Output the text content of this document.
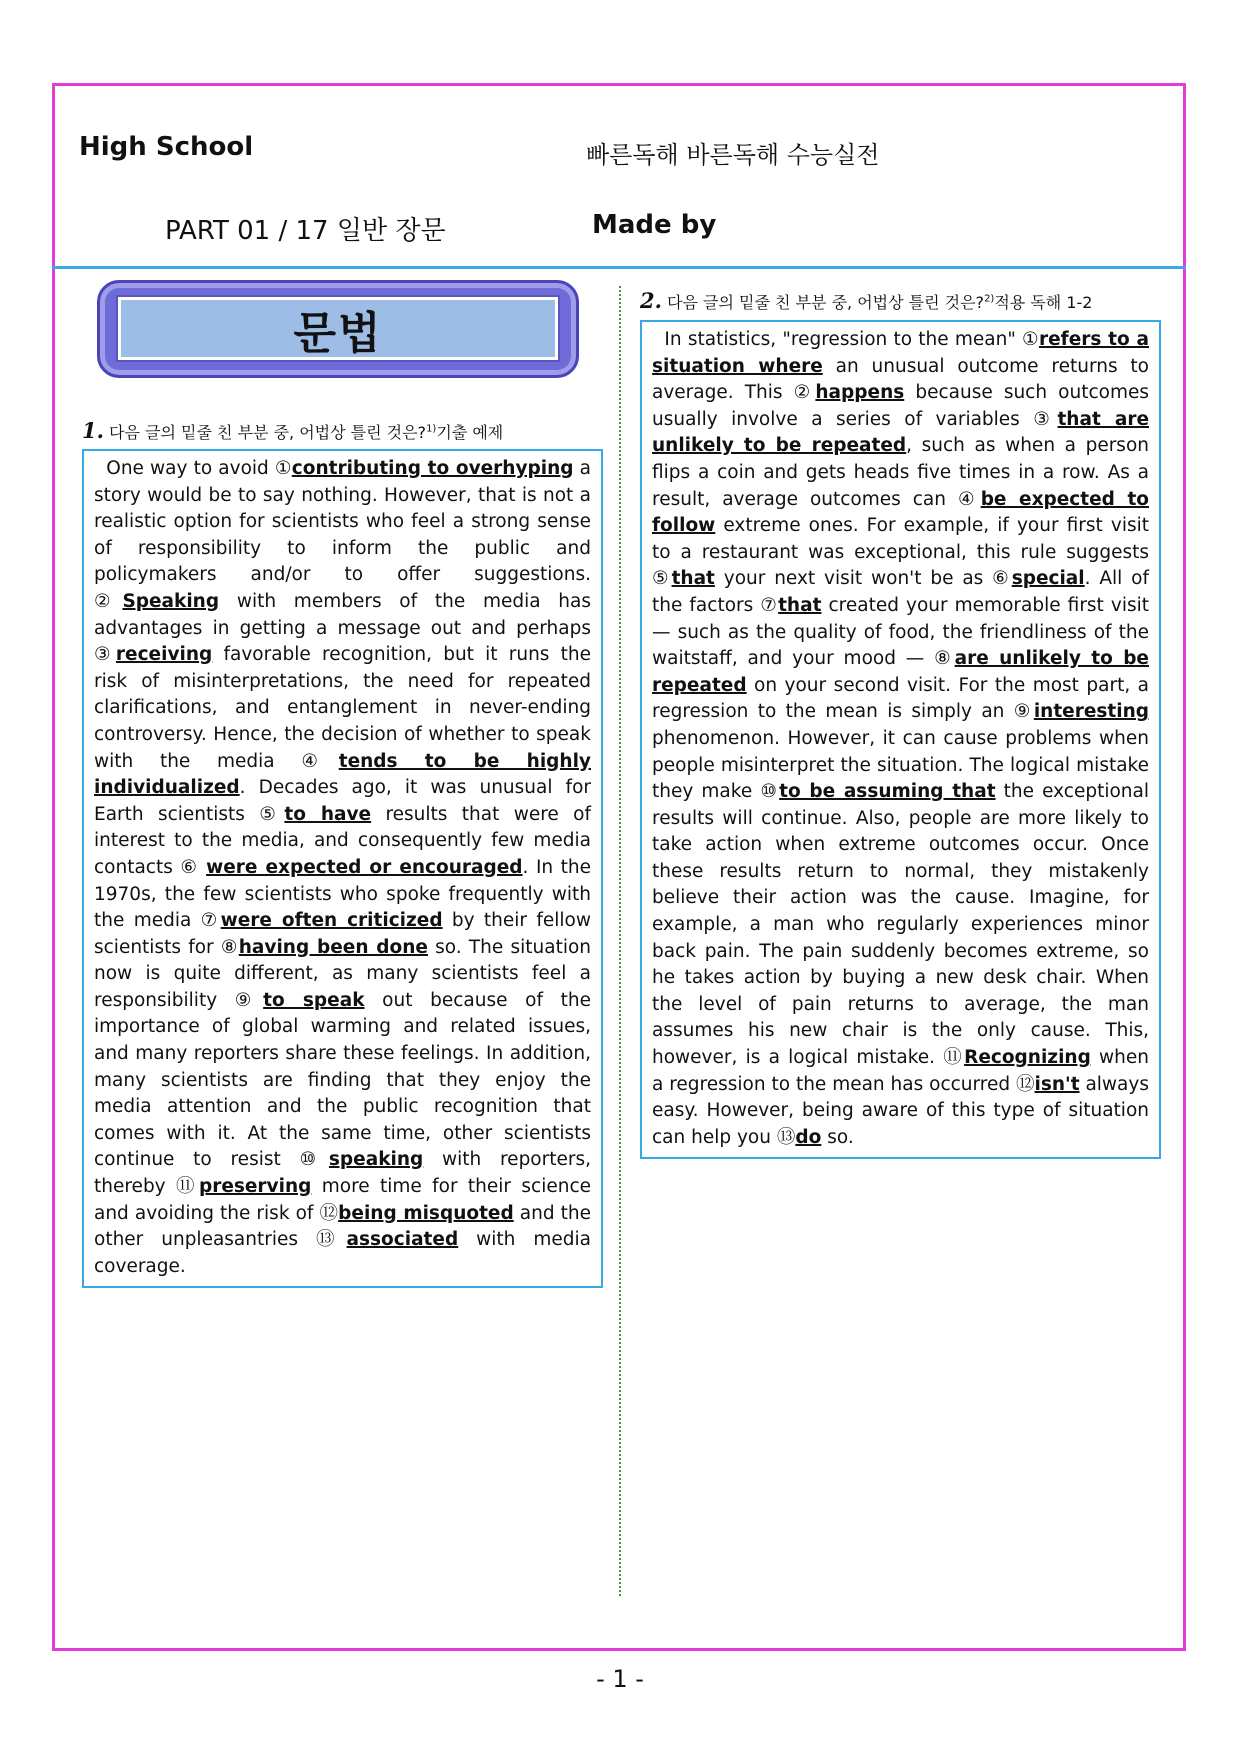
High School	빠른독해 바른독해 수능실전
PART 01 / 17 일반 장문	Made by
문법
1. 다음 글의 밑줄 친 부분 중, 어법상 틀린 것은?$^{1)}$기출 예제
One way to avoid ①contributing to overhyping a story would be to say nothing. However, that is not a realistic option for scientists who feel a strong sense of responsibility to inform the public and policymakers and/or to offer suggestions. ②Speaking with members of the media has advantages in getting a message out and perhaps ③receiving favorable recognition, but it runs the risk of misinterpretations, the need for repeated clarifications, and entanglement in never-ending controversy. Hence, the decision of whether to speak with the media ④tends to be highly individualized. Decades ago, it was unusual for Earth scientists ⑤to have results that were of interest to the media, and consequently few media contacts ⑥ were expected or encouraged. In the 1970s, the few scientists who spoke frequently with the media ⑦were often criticized by their fellow scientists for ⑧having been done so. The situation now is quite different, as many scientists feel a responsibility ⑨to speak out because of the importance of global warming and related issues, and many reporters share these feelings. In addition, many scientists are finding that they enjoy the media attention and the public recognition that comes with it. At the same time, other scientists continue to resist ⑩speaking with reporters, thereby ⑪preserving more time for their science and avoiding the risk of ⑫being misquoted and the other unpleasantries ⑬associated with media coverage.
2. 다음 글의 밑줄 친 부분 중, 어법상 틀린 것은?$^{2)}$적용 독해 1-2
In statistics, "regression to the mean" ①refers to a situation where an unusual outcome returns to average. This ②happens because such outcomes usually involve a series of variables ③that are unlikely to be repeated, such as when a person flips a coin and gets heads five times in a row. As a result, average outcomes can ④be expected to follow extreme ones. For example, if your first visit to a restaurant was exceptional, this rule suggests ⑤that your next visit won't be as ⑥special. All of the factors ⑦that created your memorable first visit — such as the quality of food, the friendliness of the waitstaff, and your mood — ⑧are unlikely to be repeated on your second visit. For the most part, a regression to the mean is simply an ⑨interesting phenomenon. However, it can cause problems when people misinterpret the situation. The logical mistake they make ⑩to be assuming that the exceptional results will continue. Also, people are more likely to take action when extreme outcomes occur. Once these results return to normal, they mistakenly believe their action was the cause. Imagine, for example, a man who regularly experiences minor back pain. The pain suddenly becomes extreme, so he takes action by buying a new desk chair. When the level of pain returns to average, the man assumes his new chair is the only cause. This, however, is a logical mistake. ⑪Recognizing when a regression to the mean has occurred ⑫isn't always easy. However, being aware of this type of situation can help you ⑬do so.
- 1 -
